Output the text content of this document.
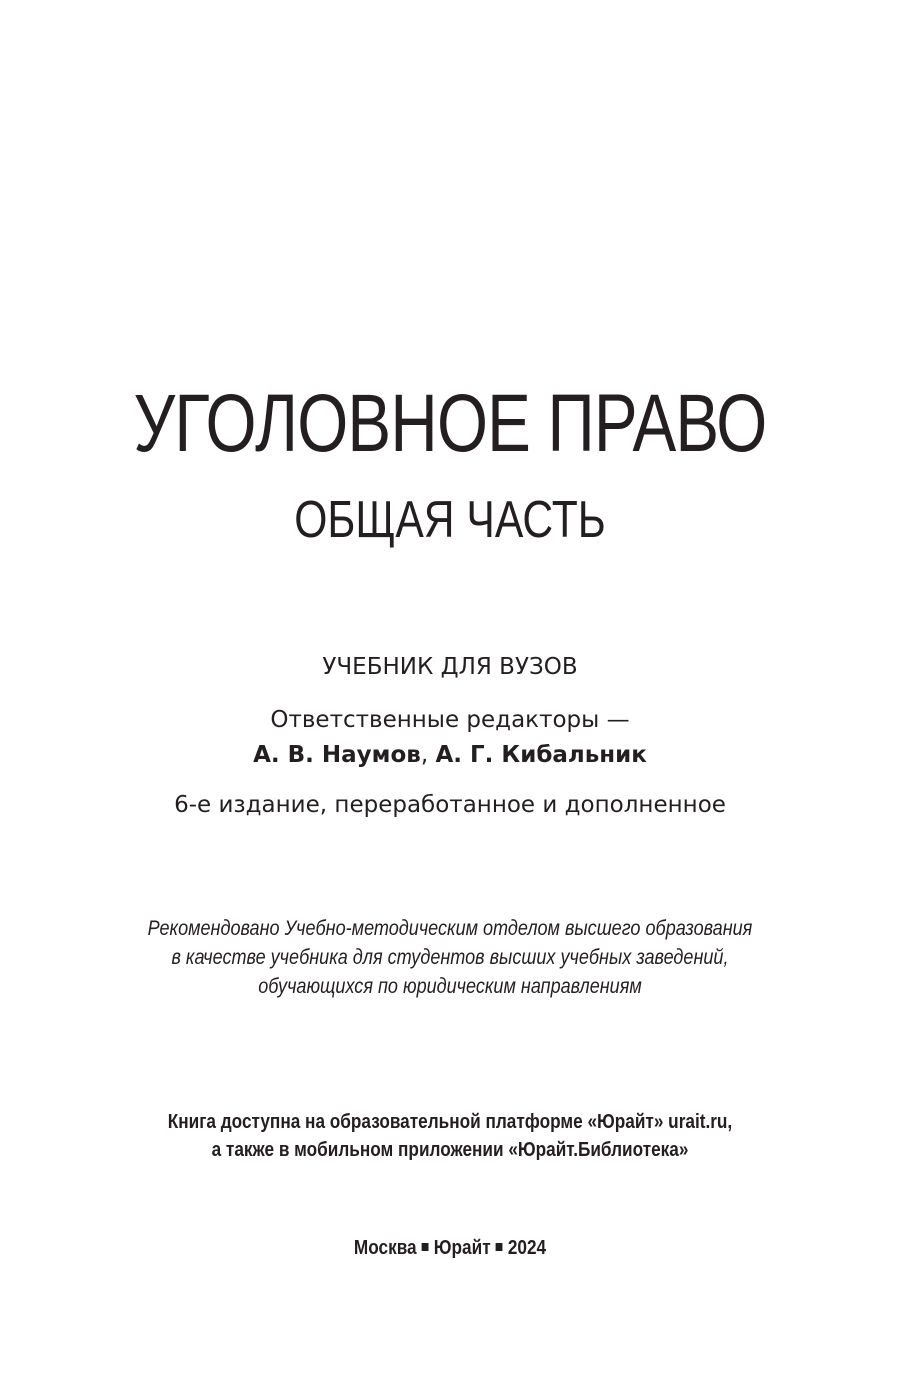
УГОЛОВНОЕ ПРАВО
ОБЩАЯ ЧАСТЬ
УЧЕБНИК ДЛЯ ВУЗОВ
Ответственные редакторы —
А. В. Наумов, А. Г. Кибальник
6-е издание, переработанное и дополненное
Рекомендовано Учебно-методическим отделом высшего образования
в качестве учебника для студентов высших учебных заведений,
обучающихся по юридическим направлениям
Книга доступна на образовательной платформе «Юрайт» urait.ru,
а также в мобильном приложении «Юрайт.Библиотека»
Москва Юрайт 2024
